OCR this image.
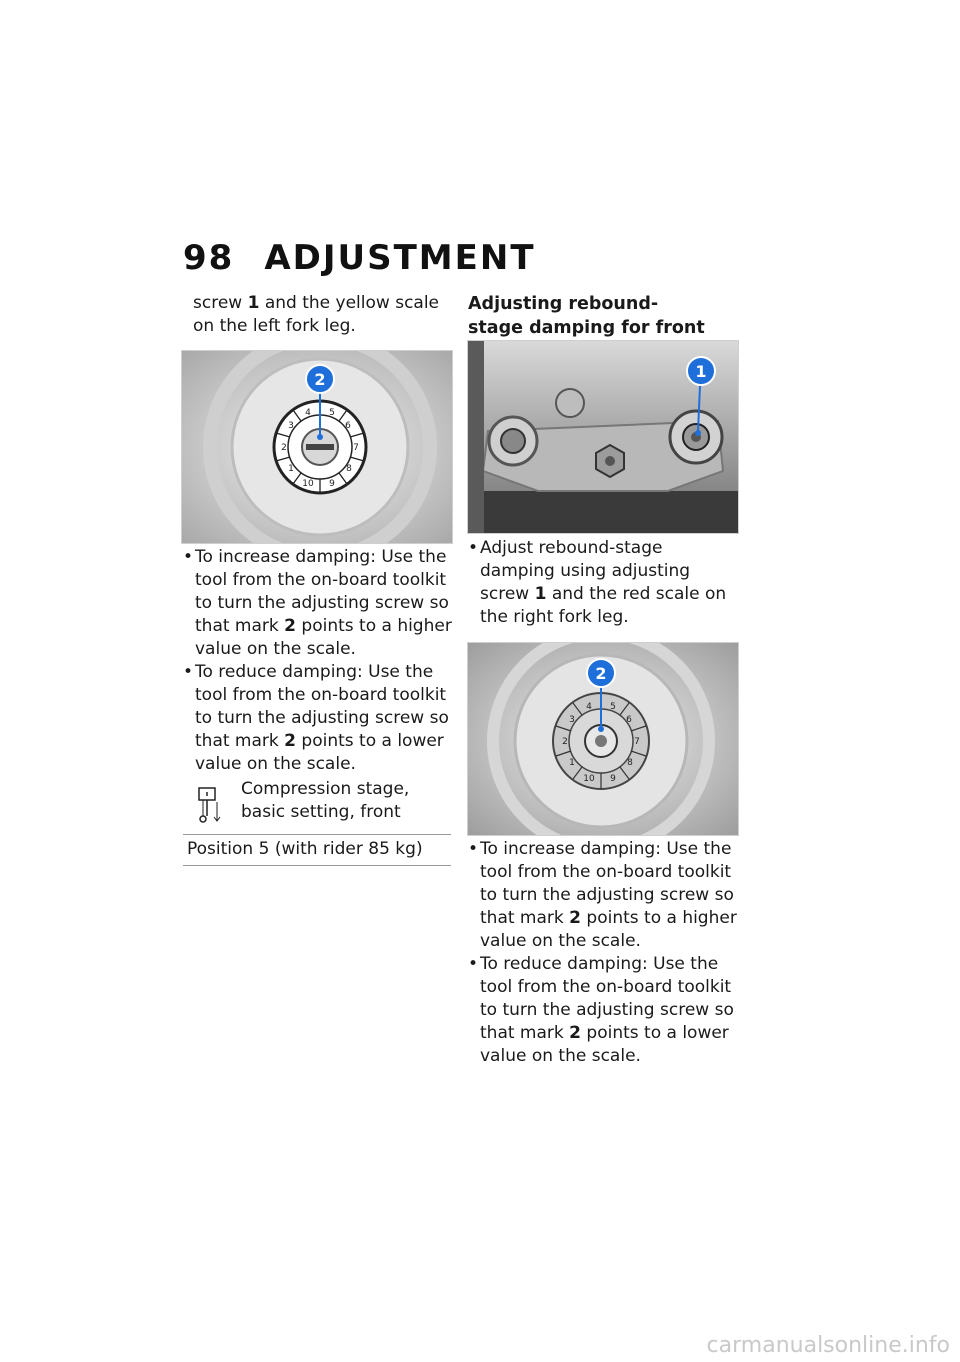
98 ADJUSTMENT

screw 1 and the yellow scale on the left fork leg.

4 5
6
7
8
9
10
1
2
3
2

• To increase damping: Use the tool from the on-board toolkit to turn the adjusting screw so that mark 2 points to a higher value on the scale.

• To reduce damping: Use the tool from the on-board toolkit to turn the adjusting screw so that mark 2 points to a lower value on the scale.

Compression stage, basic setting, front
Position 5 (with rider 85 kg)

Adjusting rebound-stage damping for front

1

• Adjust rebound-stage damping using adjusting screw 1 and the red scale on the right fork leg.

4 5
6
7
8
9
10
1
2
3
2

• To increase damping: Use the tool from the on-board toolkit to turn the adjusting screw so that mark 2 points to a higher value on the scale.

• To reduce damping: Use the tool from the on-board toolkit to turn the adjusting screw so that mark 2 points to a lower value on the scale.

carmanualsonline.info
